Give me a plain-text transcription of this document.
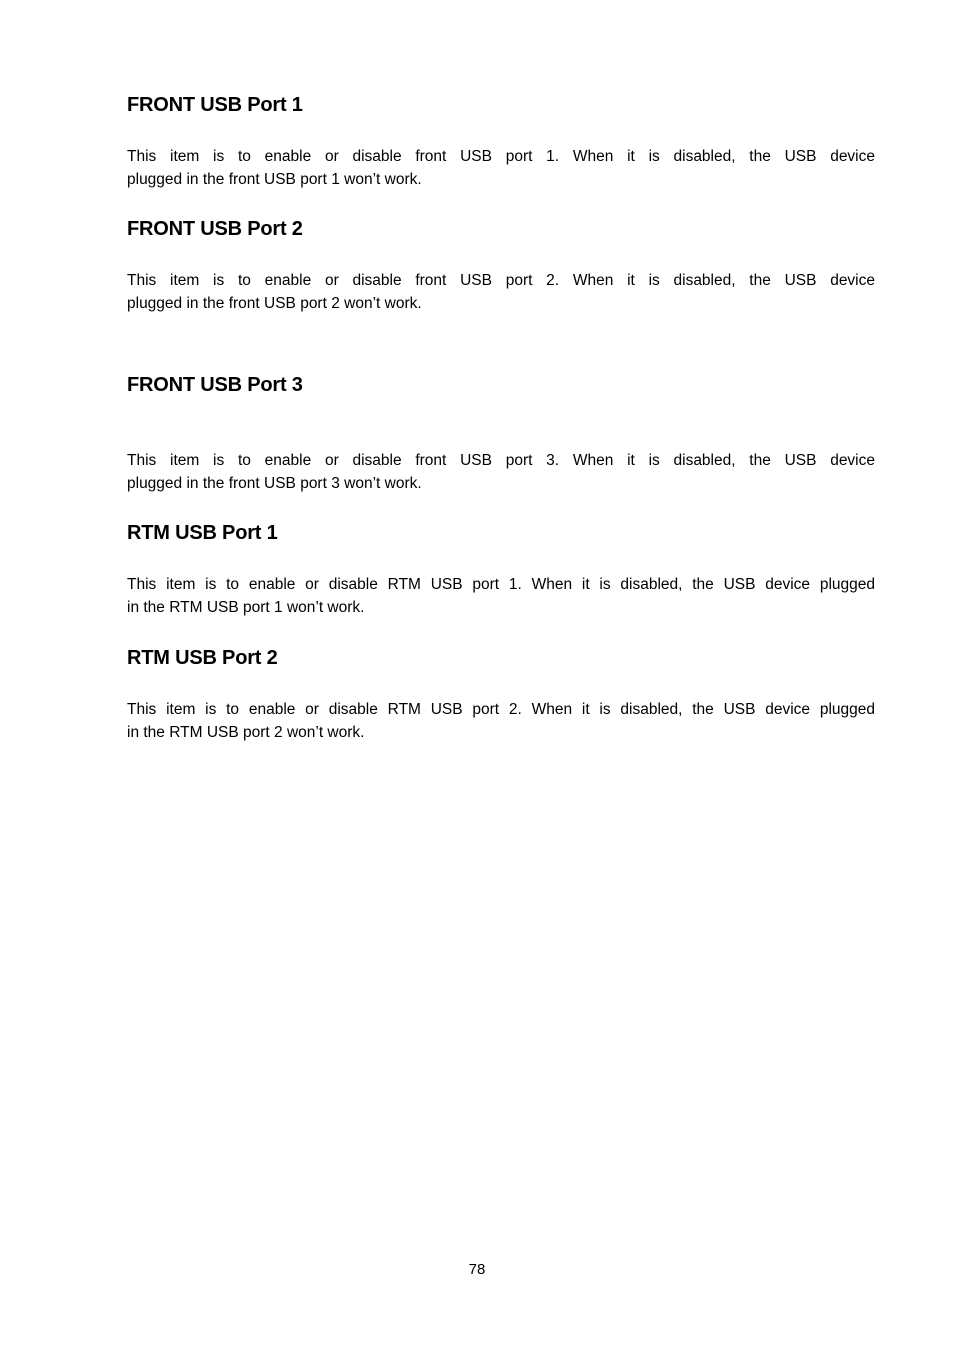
FRONT USB Port 1

This item is to enable or disable front USB port 1. When it is disabled, the USB device
plugged in the front USB port 1 won’t work.

FRONT USB Port 2

This item is to enable or disable front USB port 2. When it is disabled, the USB device
plugged in the front USB port 2 won’t work.

FRONT USB Port 3

This item is to enable or disable front USB port 3. When it is disabled, the USB device
plugged in the front USB port 3 won’t work.

RTM USB Port 1

This item is to enable or disable RTM USB port 1. When it is disabled, the USB device plugged
in the RTM USB port 1 won’t work.

RTM USB Port 2

This item is to enable or disable RTM USB port 2. When it is disabled, the USB device plugged
in the RTM USB port 2 won’t work.

78
